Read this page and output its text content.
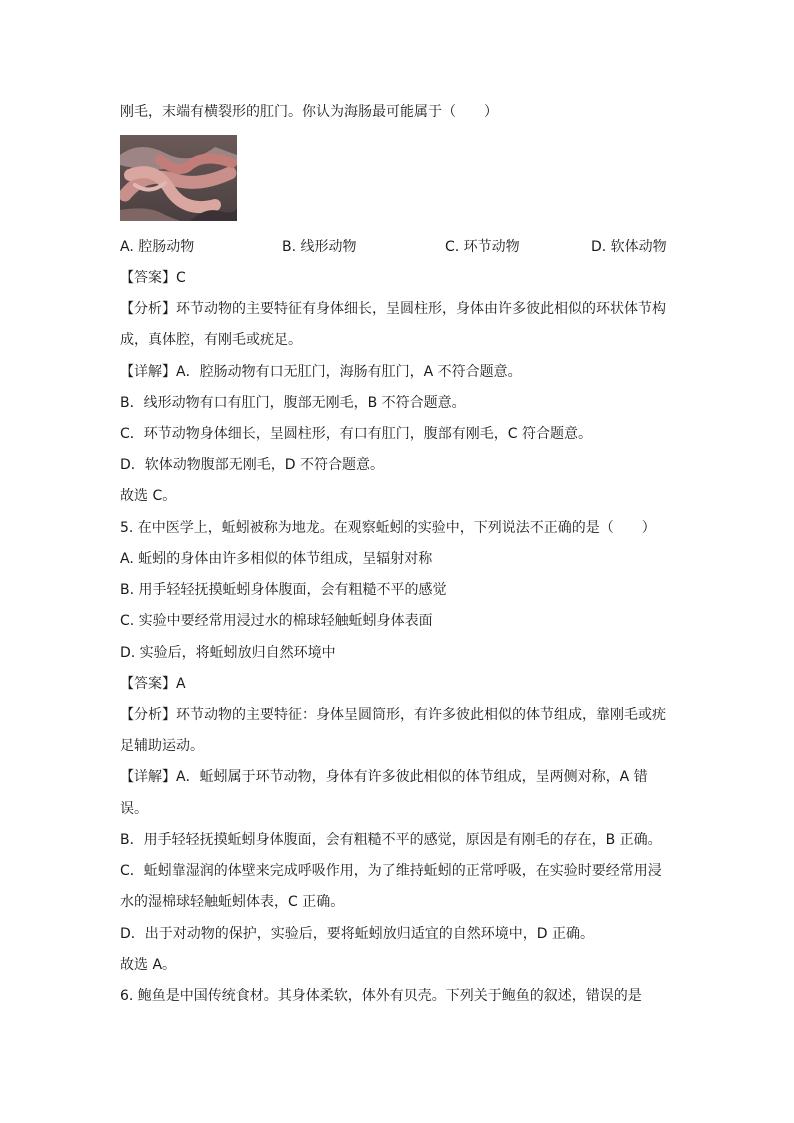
刚毛，末端有横裂形的肛门。你认为海肠最可能属于（　　）
A. 腔肠动物	B. 线形动物	C. 环节动物	D. 软体动物
【答案】C
【分析】环节动物的主要特征有身体细长，呈圆柱形，身体由许多彼此相似的环状体节构
成，真体腔，有刚毛或疣足。
【详解】A．腔肠动物有口无肛门，海肠有肛门，A 不符合题意。
B．线形动物有口有肛门，腹部无刚毛，B 不符合题意。
C．环节动物身体细长，呈圆柱形，有口有肛门，腹部有刚毛，C 符合题意。
D．软体动物腹部无刚毛，D 不符合题意。
故选 C。
5. 在中医学上，蚯蚓被称为地龙。在观察蚯蚓的实验中，下列说法不正确的是（　　）
A. 蚯蚓的身体由许多相似的体节组成，呈辐射对称
B. 用手轻轻抚摸蚯蚓身体腹面，会有粗糙不平的感觉
C. 实验中要经常用浸过水的棉球轻触蚯蚓身体表面
D. 实验后，将蚯蚓放归自然环境中
【答案】A
【分析】环节动物的主要特征：身体呈圆筒形，有许多彼此相似的体节组成，靠刚毛或疣
足辅助运动。
【详解】A．蚯蚓属于环节动物，身体有许多彼此相似的体节组成，呈两侧对称，A 错
误。
B．用手轻轻抚摸蚯蚓身体腹面，会有粗糙不平的感觉，原因是有刚毛的存在，B 正确。
C．蚯蚓靠湿润的体壁来完成呼吸作用，为了维持蚯蚓的正常呼吸，在实验时要经常用浸
水的湿棉球轻触蚯蚓体表，C 正确。
D．出于对动物的保护，实验后，要将蚯蚓放归适宜的自然环境中，D 正确。
故选 A。
6. 鲍鱼是中国传统食材。其身体柔软，体外有贝壳。下列关于鲍鱼的叙述，错误的是
